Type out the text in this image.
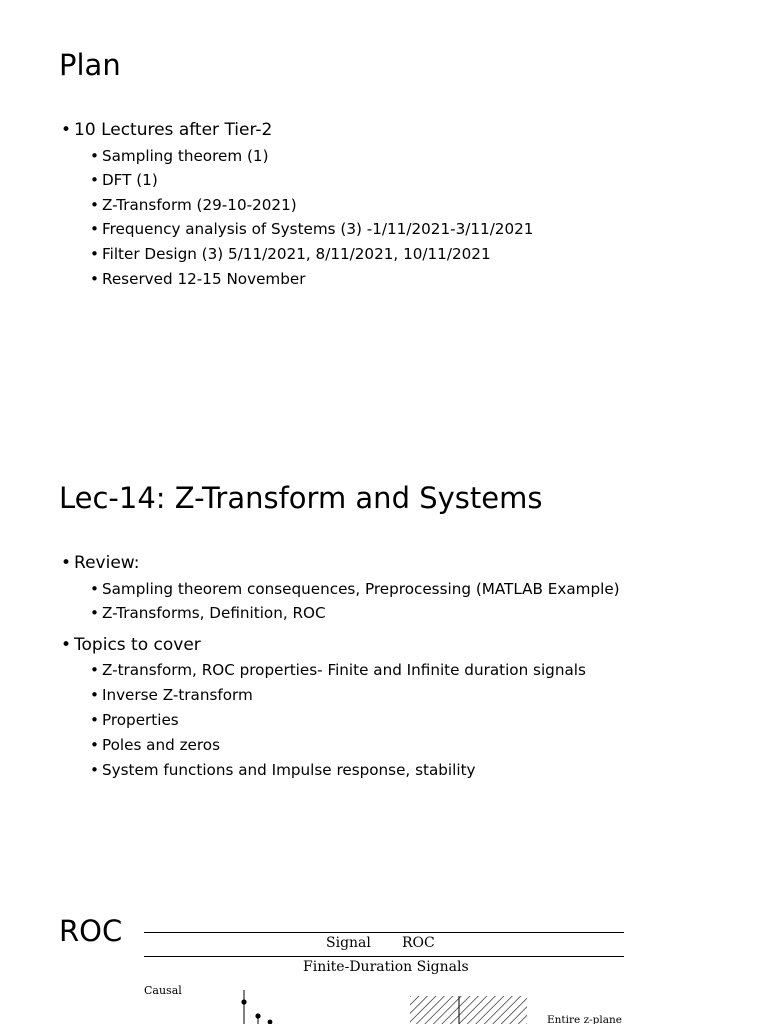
Plan
• 10 Lectures after Tier-2
• Sampling theorem (1)
• DFT (1)
• Z-Transform (29-10-2021)
• Frequency analysis of Systems (3) -1/11/2021-3/11/2021
• Filter Design (3) 5/11/2021, 8/11/2021, 10/11/2021
• Reserved 12-15 November
Lec-14: Z-Transform and Systems
• Review:
• Sampling theorem consequences, Preprocessing (MATLAB Example)
• Z-Transforms, Definition, ROC
• Topics to cover
• Z-transform, ROC properties- Finite and Infinite duration signals
• Inverse Z-transform
• Properties
• Poles and zeros
• System functions and Impulse response, stability
ROC	Signal ROC
Finite-Duration Signals
Causal
Entire z-plane
